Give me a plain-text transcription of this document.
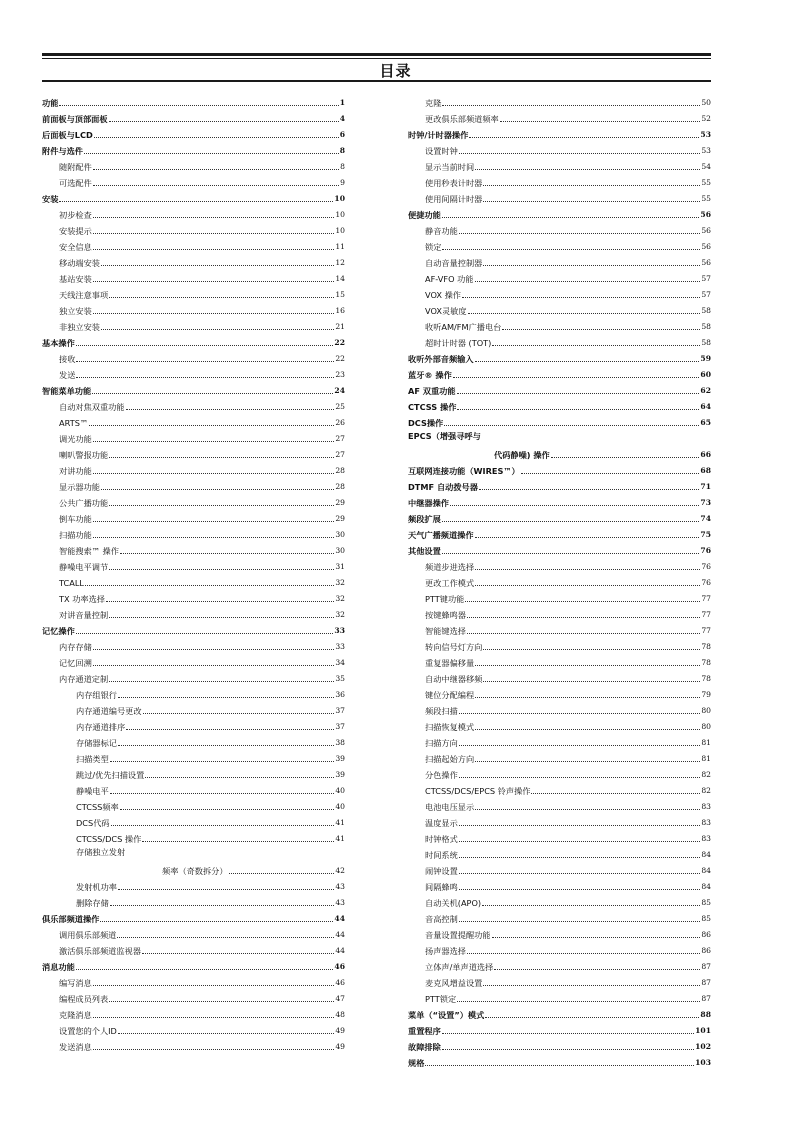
目录
功能	1
前面板与顶部面板	4
后面板与LCD	6
附件与选件	8
随附配件	8
可选配件	9
安装	10
初步检查	10
安装提示	10
安全信息	11
移动端安装	12
基站安装	14
天线注意事项	15
独立安装	16
非独立安装	21
基本操作	22
接收	22
发送	23
智能菜单功能	24
自动对焦双重功能	25
ARTS™	26
调光功能	27
喇叭警报功能	27
对讲功能	28
显示器功能	28
公共广播功能	29
倒车功能	29
扫描功能	30
智能搜索™ 操作	30
静噪电平调节	31
TCALL	32
TX 功率选择	32
对讲音量控制	32
记忆操作	33
内存存储	33
记忆回溯	34
内存通道定制	35
内存组银行	36
内存通道编号更改	37
内存通道排序	37
存储器标记	38
扫描类型	39
跳过/优先扫描设置	39
静噪电平	40
CTCSS频率	40
DCS代码	41
CTCSS/DCS 操作	41
存储独立发射
频率（奇数拆分）	42
发射机功率	43
删除存储	43
俱乐部频道操作	44
调用俱乐部频道	44
激活俱乐部频道监视器	44
消息功能	46
编写消息	46
编程成员列表	47
克隆消息	48
设置您的个人ID	49
发送消息	49
克隆	50
更改俱乐部频道频率	52
时钟/计时器操作	53
设置时钟	53
显示当前时间	54
使用秒表计时器	55
使用间隔计时器	55
便捷功能	56
静音功能	56
锁定	56
自动音量控制器	56
AF-VFO 功能	57
VOX 操作	57
VOX灵敏度	58
收听AM/FM广播电台	58
超时计时器 (TOT)	58
收听外部音频输入	59
蓝牙® 操作	60
AF 双重功能	62
CTCSS 操作	64
DCS操作	65
EPCS（增强寻呼与
代码静噪) 操作	66
互联网连接功能（WIRES™）	68
DTMF 自动拨号器	71
中继器操作	73
频段扩展	74
天气广播频道操作	75
其他设置	76
频道步进选择	76
更改工作模式	76
PTT键功能	77
按键蜂鸣器	77
智能键选择	77
转向信号灯方向	78
重复器偏移量	78
自动中继器移频	78
键位分配编程	79
频段扫描	80
扫描恢复模式	80
扫描方向	81
扫描起始方向	81
分色操作	82
CTCSS/DCS/EPCS 铃声操作	82
电池电压显示	83
温度显示	83
时钟格式	83
时间系统	84
闹钟设置	84
间隔蜂鸣	84
自动关机(APO)	85
音高控制	85
音量设置提醒功能	86
扬声器选择	86
立体声/单声道选择	87
麦克风增益设置	87
PTT锁定	87
菜单（“设置”）模式	88
重置程序	101
故障排除	102
规格	103
